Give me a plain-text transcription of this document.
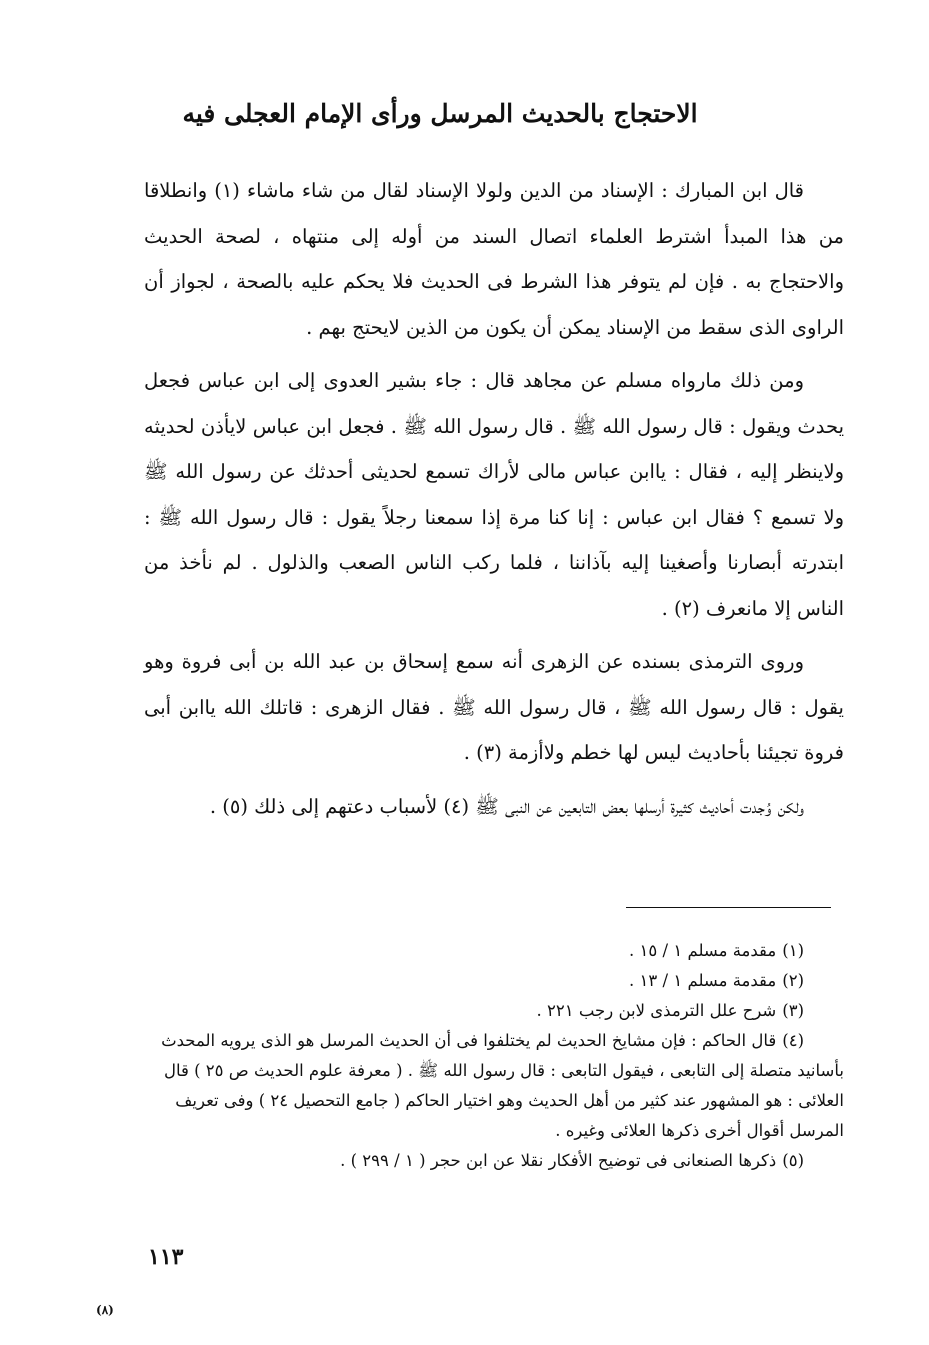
الاحتجاج بالحديث المرسل ورأى الإمام العجلى فيه

قال ابن المبارك : الإسناد من الدين ولولا الإسناد لقال من شاء ماشاء (١) وانطلاقا من هذا المبدأ اشترط العلماء اتصال السند من أوله إلى منتهاه ، لصحة الحديث والاحتجاج به . فإن لم يتوفر هذا الشرط فى الحديث فلا يحكم عليه بالصحة ، لجواز أن الراوى الذى سقط من الإسناد يمكن أن يكون من الذين لايحتج بهم .

ومن ذلك مارواه مسلم عن مجاهد قال : جاء بشير العدوى إلى ابن عباس فجعل يحدث ويقول : قال رسول الله ﷺ . قال رسول الله ﷺ . فجعل ابن عباس لايأذن لحديثه ولاينظر إليه ، فقال : ياابن عباس مالى لأراك تسمع لحديثى أحدثك عن رسول الله ﷺ ولا تسمع ؟ فقال ابن عباس : إنا كنا مرة إذا سمعنا رجلاً يقول : قال رسول الله ﷺ : ابتدرته أبصارنا وأصغينا إليه بآذاننا ، فلما ركب الناس الصعب والذلول . لم نأخذ من الناس إلا مانعرف (٢) .

وروى الترمذى بسنده عن الزهرى أنه سمع إسحاق بن عبد الله بن أبى فروة وهو يقول : قال رسول الله ﷺ ، قال رسول الله ﷺ . فقال الزهرى : قاتلك الله ياابن أبى فروة تجيئنا بأحاديث ليس لها خطم ولاأزمة (٣) .

ولكن وُجدت أحاديث كثيرة أرسلها بعض التابعين عن النبى ﷺ (٤) لأسباب دعتهم إلى ذلك (٥) .

(١)مقدمة مسلم ١ / ١٥ .

(٢)مقدمة مسلم ١ / ١٣ .

(٣)شرح علل الترمذى لابن رجب ٢٢١ .

(٤)قال الحاكم : فإن مشايخ الحديث لم يختلفوا فى أن الحديث المرسل هو الذى يرويه المحدث بأسانيد متصلة إلى التابعى ، فيقول التابعى : قال رسول الله ﷺ . ( معرفة علوم الحديث ص ٢٥ ) قال العلائى : هو المشهور عند كثير من أهل الحديث وهو اختيار الحاكم ( جامع التحصيل ٢٤ ) وفى تعريف المرسل أقوال أخرى ذكرها العلائى وغيره .

(٥)ذكرها الصنعانى فى توضيح الأفكار نقلا عن ابن حجر ( ١ / ٢٩٩ ) .

١١٣
(٨)
